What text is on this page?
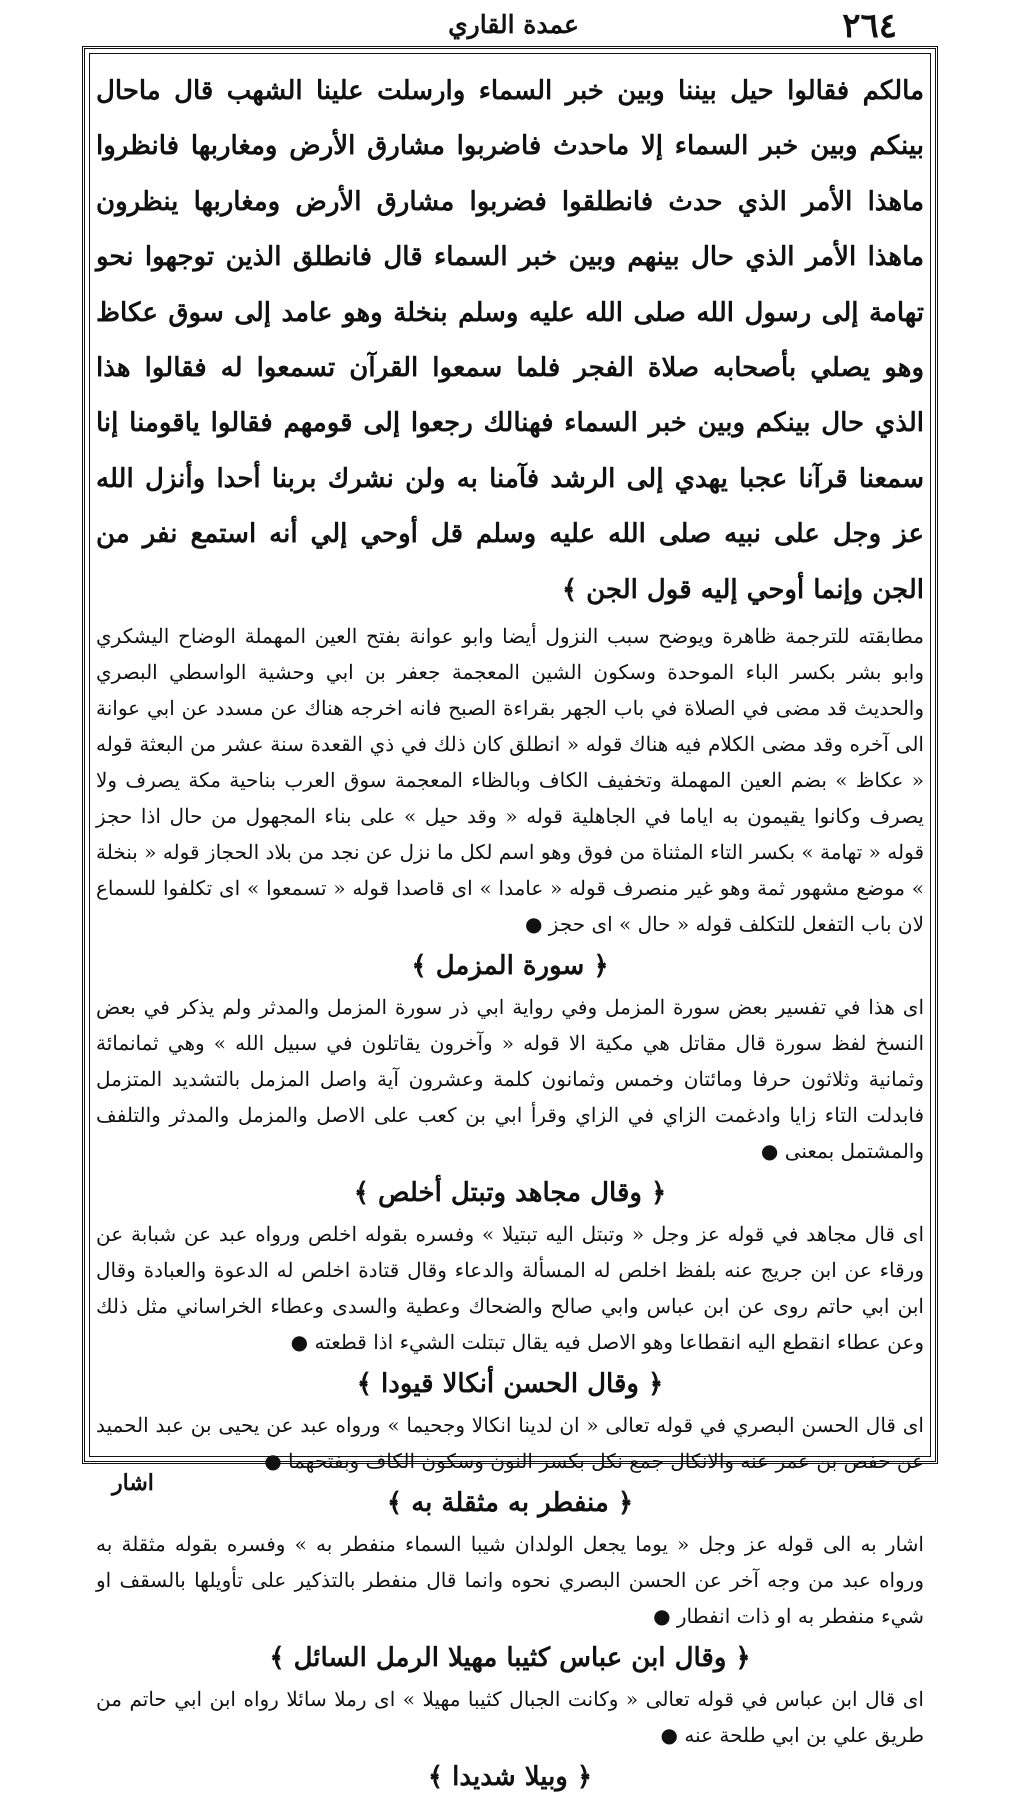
عمدة القاري	٢٦٤

مالكم فقالوا حيل بيننا وبين خبر السماء وارسلت علينا الشهب قال ماحال بينكم وبين خبر السماء إلا ماحدث فاضربوا مشارق الأرض ومغاربها فانظروا ماهذا الأمر الذي حدث فانطلقوا فضربوا مشارق الأرض ومغاربها ينظرون ماهذا الأمر الذي حال بينهم وبين خبر السماء قال فانطلق الذين توجهوا نحو تهامة إلى رسول الله صلى الله عليه وسلم بنخلة وهو عامد إلى سوق عكاظ وهو يصلي بأصحابه صلاة الفجر فلما سمعوا القرآن تسمعوا له فقالوا هذا الذي حال بينكم وبين خبر السماء فهنالك رجعوا إلى قومهم فقالوا ياقومنا إنا سمعنا قرآنا عجبا يهدي إلى الرشد فآمنا به ولن نشرك بربنا أحدا وأنزل الله عز وجل على نبيه صلى الله عليه وسلم قل أوحي إلي أنه استمع نفر من الجن وإنما أوحي إليه قول الجن ﴾

مطابقته للترجمة ظاهرة ويوضح سبب النزول أيضا وابو عوانة بفتح العين المهملة الوضاح اليشكري وابو بشر بكسر الباء الموحدة وسكون الشين المعجمة جعفر بن ابي وحشية الواسطي البصري والحديث قد مضى في الصلاة في باب الجهر بقراءة الصبح فانه اخرجه هناك عن مسدد عن ابي عوانة الى آخره وقد مضى الكلام فيه هناك قوله « انطلق كان ذلك في ذي القعدة سنة عشر من البعثة قوله « عكاظ » بضم العين المهملة وتخفيف الكاف وبالظاء المعجمة سوق العرب بناحية مكة يصرف ولا يصرف وكانوا يقيمون به اياما في الجاهلية قوله « وقد حيل » على بناء المجهول من حال اذا حجز قوله « تهامة » بكسر التاء المثناة من فوق وهو اسم لكل ما نزل عن نجد من بلاد الحجاز قوله « بنخلة » موضع مشهور ثمة وهو غير منصرف قوله « عامدا » اى قاصدا قوله « تسمعوا » اى تكلفوا للسماع لان باب التفعل للتكلف قوله « حال » اى حجز ●

﴿ سورة المزمل ﴾

اى هذا في تفسير بعض سورة المزمل وفي رواية ابي ذر سورة المزمل والمدثر ولم يذكر في بعض النسخ لفظ سورة قال مقاتل هي مكية الا قوله « وآخرون يقاتلون في سبيل الله » وهي ثمانمائة وثمانية وثلاثون حرفا ومائتان وخمس وثمانون كلمة وعشرون آية واصل المزمل بالتشديد المتزمل فابدلت التاء زايا وادغمت الزاي في الزاي وقرأ ابي بن كعب على الاصل والمزمل والمدثر والتلفف والمشتمل بمعنى ●

﴿ وقال مجاهد وتبتل أخلص ﴾

اى قال مجاهد في قوله عز وجل « وتبتل اليه تبتيلا » وفسره بقوله اخلص ورواه عبد عن شبابة عن ورقاء عن ابن جريج عنه بلفظ اخلص له المسألة والدعاء وقال قتادة اخلص له الدعوة والعبادة وقال ابن ابي حاتم روى عن ابن عباس وابي صالح والضحاك وعطية والسدى وعطاء الخراساني مثل ذلك وعن عطاء انقطع اليه انقطاعا وهو الاصل فيه يقال تبتلت الشيء اذا قطعته ●

﴿ وقال الحسن أنكالا قيودا ﴾

اى قال الحسن البصري في قوله تعالى « ان لدينا انكالا وجحيما » ورواه عبد عن يحيى بن عبد الحميد عن حفص بن عمر عنه والانكال جمع نكل بكسر النون وسكون الكاف وبفتحهما ●

﴿ منفطر به مثقلة به ﴾

اشار به الى قوله عز وجل « يوما يجعل الولدان شيبا السماء منفطر به » وفسره بقوله مثقلة به ورواه عبد من وجه آخر عن الحسن البصري نحوه وانما قال منفطر بالتذكير على تأويلها بالسقف او شيء منفطر به او ذات انفطار ●

﴿ وقال ابن عباس كثيبا مهيلا الرمل السائل ﴾

اى قال ابن عباس في قوله تعالى « وكانت الجبال كثيبا مهيلا » اى رملا سائلا رواه ابن ابي حاتم من طريق علي بن ابي طلحة عنه ●

﴿ وبيلا شديدا ﴾

اشار
